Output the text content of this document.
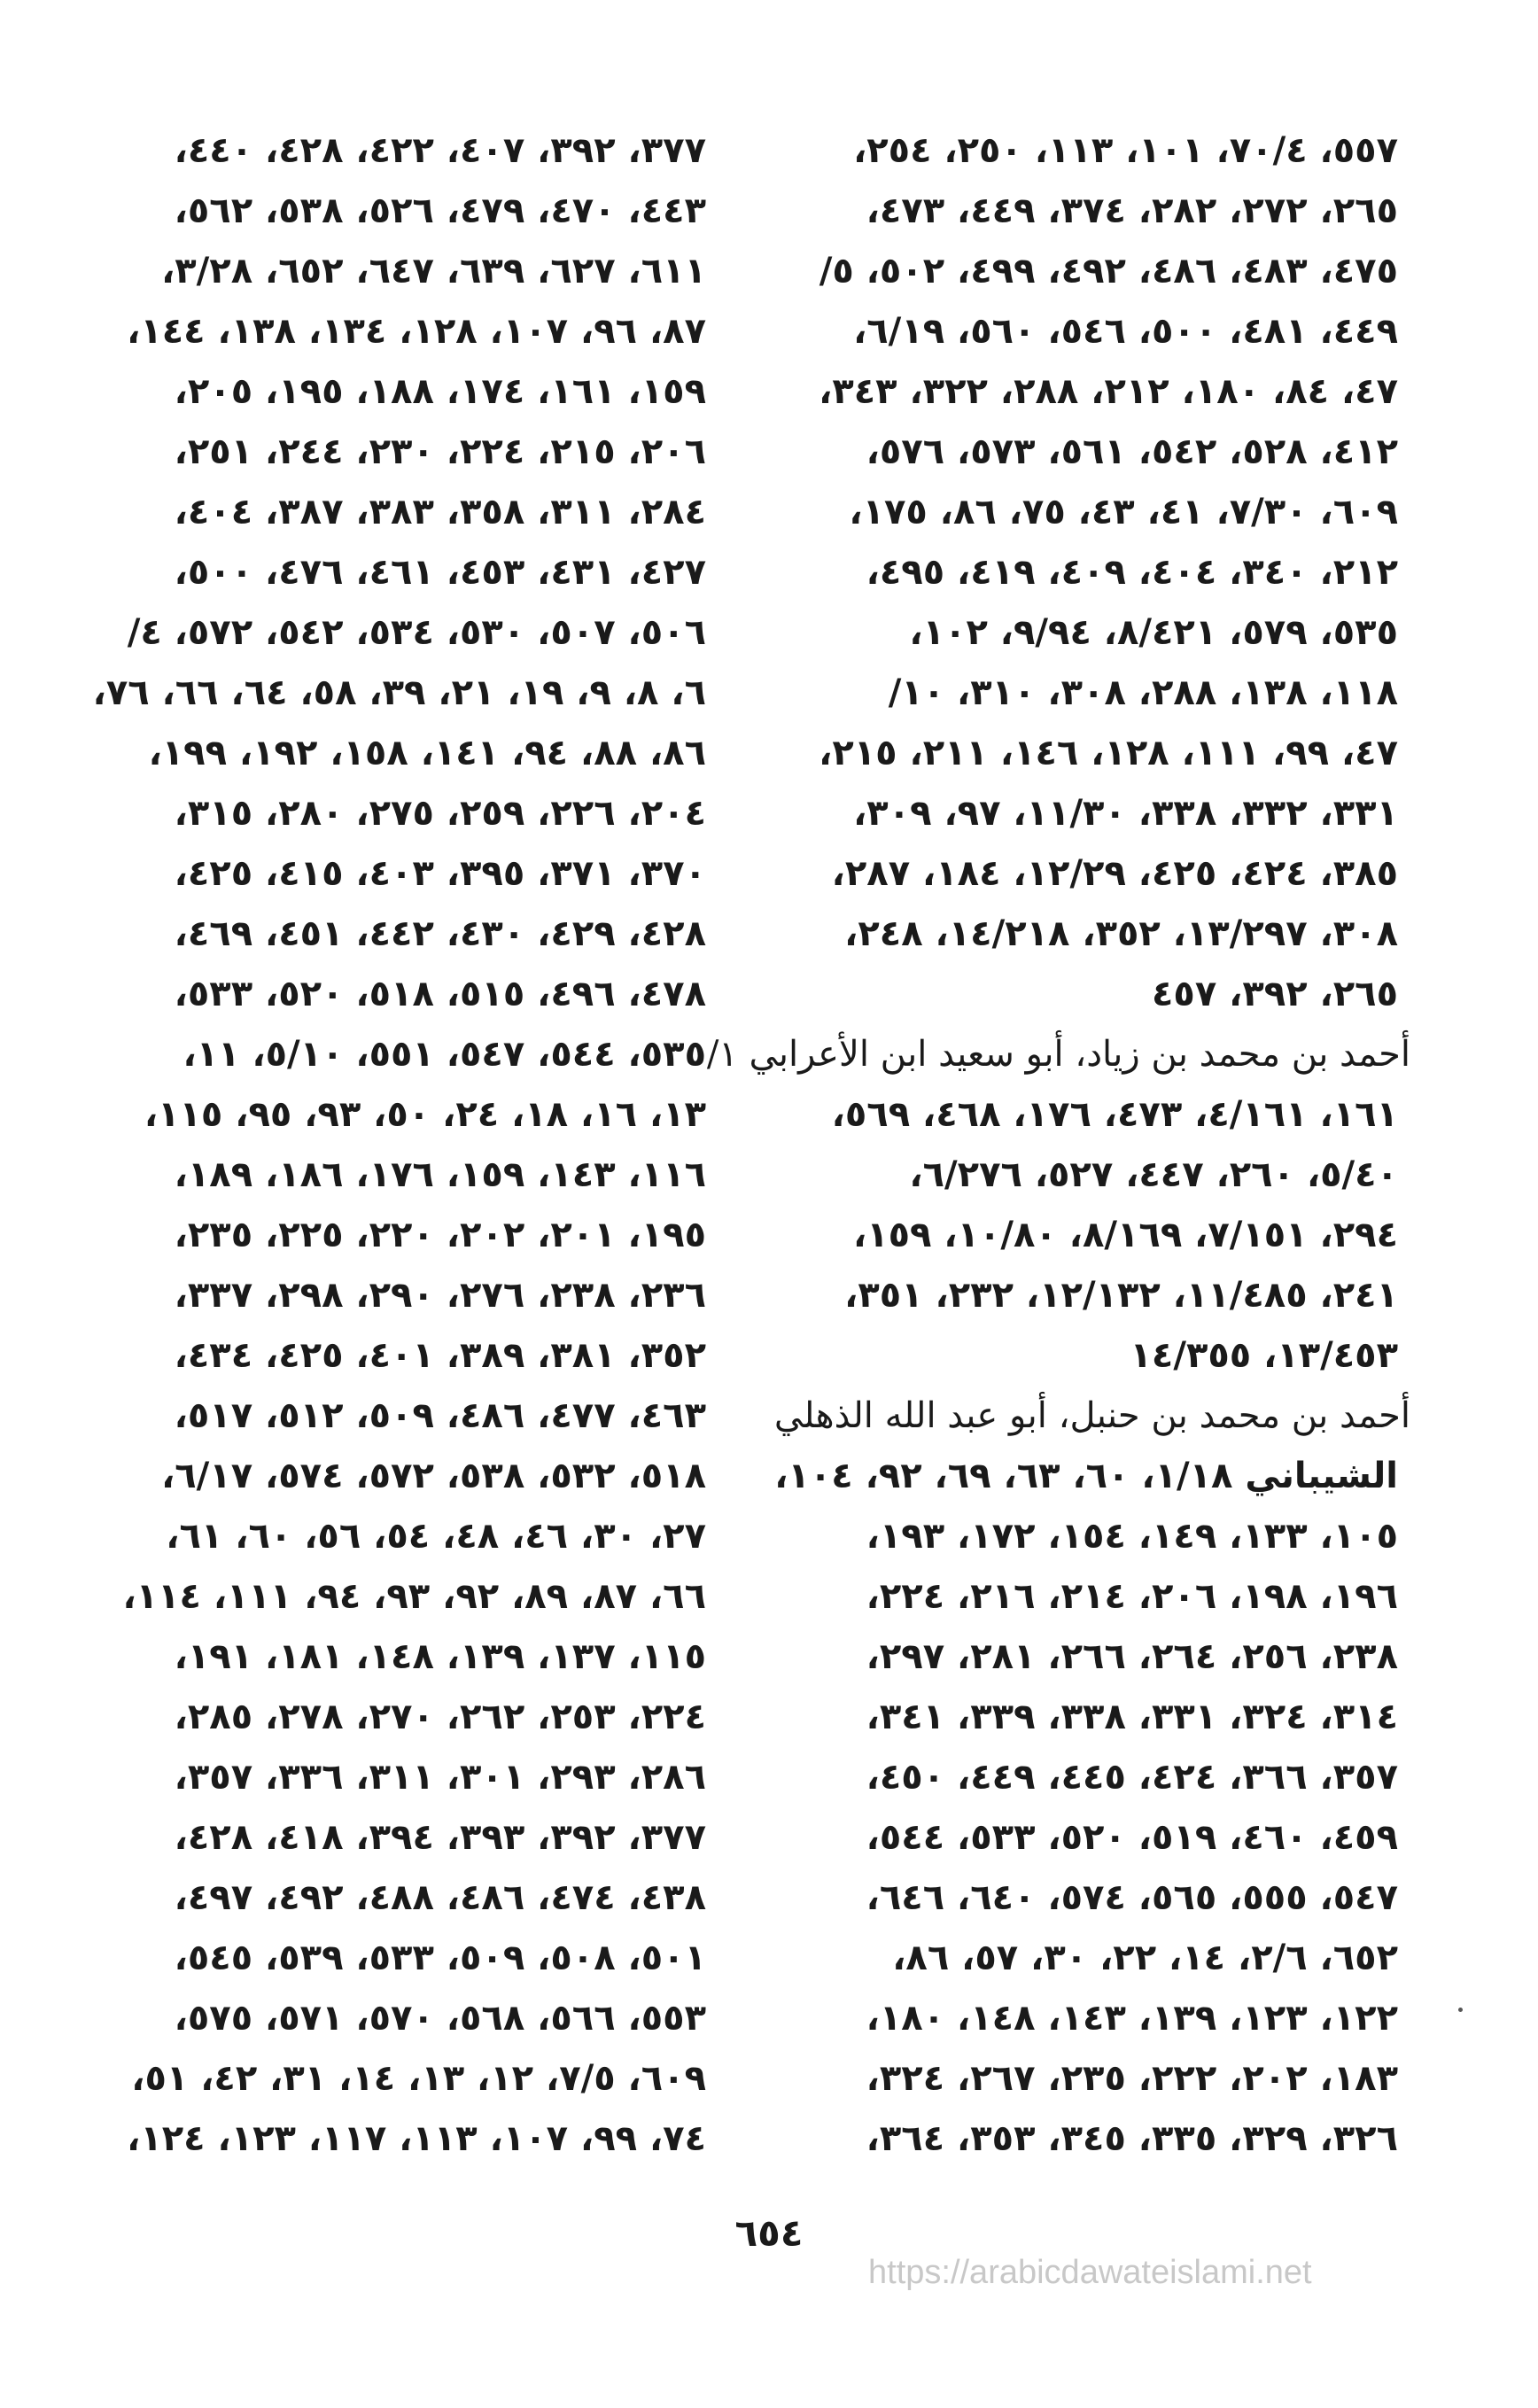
٥٥٧، ٧٠/٤، ١٠١، ١١٣، ٢٥٠، ٢٥٤،
٢٦٥، ٢٧٢، ٢٨٢، ٣٧٤، ٤٤٩، ٤٧٣،
٤٧٥، ٤٨٣، ٤٨٦، ٤٩٢، ٤٩٩، ٥٠٢، ٥/
٤٤٩، ٤٨١، ٥٠٠، ٥٤٦، ٥٦٠، ٦/١٩،
٤٧، ٨٤، ١٨٠، ٢١٢، ٢٨٨، ٣٢٢، ٣٤٣،
٤١٢، ٥٢٨، ٥٤٢، ٥٦١، ٥٧٣، ٥٧٦،
٦٠٩، ٧/٣٠، ٤١، ٤٣، ٧٥، ٨٦، ١٧٥،
٢١٢، ٣٤٠، ٤٠٤، ٤٠٩، ٤١٩، ٤٩٥،
٥٣٥، ٥٧٩، ٨/٤٢١، ٩/٩٤، ١٠٢،
١١٨، ١٣٨، ٢٨٨، ٣٠٨، ٣١٠، ١٠/
٤٧، ٩٩، ١١١، ١٢٨، ١٤٦، ٢١١، ٢١٥،
٣٣١، ٣٣٢، ٣٣٨، ١١/٣٠، ٩٧، ٣٠٩،
٣٨٥، ٤٢٤، ٤٢٥، ١٢/٢٩، ١٨٤، ٢٨٧،
٣٠٨، ١٣/٢٩٧، ٣٥٢، ١٤/٢١٨، ٢٤٨،
٢٦٥، ٣٩٢، ٤٥٧
أحمد بن محمد بن زياد، أبو سعيد ابن الأعرابي ١/
١٦١، ٤/١٦١، ٤٧٣، ١٧٦، ٤٦٨، ٥٦٩،
٥/٤٠، ٢٦٠، ٤٤٧، ٥٢٧، ٦/٢٧٦،
٢٩٤، ٧/١٥١، ٨/١٦٩، ١٠/٨٠، ١٥٩،
٢٤١، ١١/٤٨٥، ١٢/١٣٢، ٢٣٢، ٣٥١،
١٣/٤٥٣، ١٤/٣٥٥
أحمد بن محمد بن حنبل، أبو عبد الله الذهلي
الشيباني ١/١٨، ٦٠، ٦٣، ٦٩، ٩٢، ١٠٤،
١٠٥، ١٣٣، ١٤٩، ١٥٤، ١٧٢، ١٩٣،
١٩٦، ١٩٨، ٢٠٦، ٢١٤، ٢١٦، ٢٢٤،
٢٣٨، ٢٥٦، ٢٦٤، ٢٦٦، ٢٨١، ٢٩٧،
٣١٤، ٣٢٤، ٣٣١، ٣٣٨، ٣٣٩، ٣٤١،
٣٥٧، ٣٦٦، ٤٢٤، ٤٤٥، ٤٤٩، ٤٥٠،
٤٥٩، ٤٦٠، ٥١٩، ٥٢٠، ٥٣٣، ٥٤٤،
٥٤٧، ٥٥٥، ٥٦٥، ٥٧٤، ٦٤٠، ٦٤٦،
٦٥٢، ٢/٦، ١٤، ٢٢، ٣٠، ٥٧، ٨٦،
١٢٢، ١٢٣، ١٣٩، ١٤٣، ١٤٨، ١٨٠،
١٨٣، ٢٠٢، ٢٢٢، ٢٣٥، ٢٦٧، ٣٢٤،
٣٢٦، ٣٢٩، ٣٣٥، ٣٤٥، ٣٥٣، ٣٦٤،
٣٧٧، ٣٩٢، ٤٠٧، ٤٢٢، ٤٢٨، ٤٤٠،
٤٤٣، ٤٧٠، ٤٧٩، ٥٢٦، ٥٣٨، ٥٦٢،
٦١١، ٦٢٧، ٦٣٩، ٦٤٧، ٦٥٢، ٣/٢٨،
٨٧، ٩٦، ١٠٧، ١٢٨، ١٣٤، ١٣٨، ١٤٤،
١٥٩، ١٦١، ١٧٤، ١٨٨، ١٩٥، ٢٠٥،
٢٠٦، ٢١٥، ٢٢٤، ٢٣٠، ٢٤٤، ٢٥١،
٢٨٤، ٣١١، ٣٥٨، ٣٨٣، ٣٨٧، ٤٠٤،
٤٢٧، ٤٣١، ٤٥٣، ٤٦١، ٤٧٦، ٥٠٠،
٥٠٦، ٥٠٧، ٥٣٠، ٥٣٤، ٥٤٢، ٥٧٢، ٤/
٦، ٨، ٩، ١٩، ٢١، ٣٩، ٥٨، ٦٤، ٦٦، ٧٦،
٨٦، ٨٨، ٩٤، ١٤١، ١٥٨، ١٩٢، ١٩٩،
٢٠٤، ٢٢٦، ٢٥٩، ٢٧٥، ٢٨٠، ٣١٥،
٣٧٠، ٣٧١، ٣٩٥، ٤٠٣، ٤١٥، ٤٢٥،
٤٢٨، ٤٢٩، ٤٣٠، ٤٤٢، ٤٥١، ٤٦٩،
٤٧٨، ٤٩٦، ٥١٥، ٥١٨، ٥٢٠، ٥٣٣،
٥٣٥، ٥٤٤، ٥٤٧، ٥٥١، ٥/١٠، ١١،
١٣، ١٦، ١٨، ٢٤، ٥٠، ٩٣، ٩٥، ١١٥،
١١٦، ١٤٣، ١٥٩، ١٧٦، ١٨٦، ١٨٩،
١٩٥، ٢٠١، ٢٠٢، ٢٢٠، ٢٢٥، ٢٣٥،
٢٣٦، ٢٣٨، ٢٧٦، ٢٩٠، ٢٩٨، ٣٣٧،
٣٥٢، ٣٨١، ٣٨٩، ٤٠١، ٤٢٥، ٤٣٤،
٤٦٣، ٤٧٧، ٤٨٦، ٥٠٩، ٥١٢، ٥١٧،
٥١٨، ٥٣٢، ٥٣٨، ٥٧٢، ٥٧٤، ٦/١٧،
٢٧، ٣٠، ٤٦، ٤٨، ٥٤، ٥٦، ٦٠، ٦١،
٦٦، ٨٧، ٨٩، ٩٢، ٩٣، ٩٤، ١١١، ١١٤،
١١٥، ١٣٧، ١٣٩، ١٤٨، ١٨١، ١٩١،
٢٢٤، ٢٥٣، ٢٦٢، ٢٧٠، ٢٧٨، ٢٨٥،
٢٨٦، ٢٩٣، ٣٠١، ٣١١، ٣٣٦، ٣٥٧،
٣٧٧، ٣٩٢، ٣٩٣، ٣٩٤، ٤١٨، ٤٢٨،
٤٣٨، ٤٧٤، ٤٨٦، ٤٨٨، ٤٩٢، ٤٩٧،
٥٠١، ٥٠٨، ٥٠٩، ٥٣٣، ٥٣٩، ٥٤٥،
٥٥٣، ٥٦٦، ٥٦٨، ٥٧٠، ٥٧١، ٥٧٥،
٦٠٩، ٧/٥، ١٢، ١٣، ١٤، ٣١، ٤٢، ٥١،
٧٤، ٩٩، ١٠٧، ١١٣، ١١٧، ١٢٣، ١٢٤،
٦٥٤
https://arabicdawateislami.net
